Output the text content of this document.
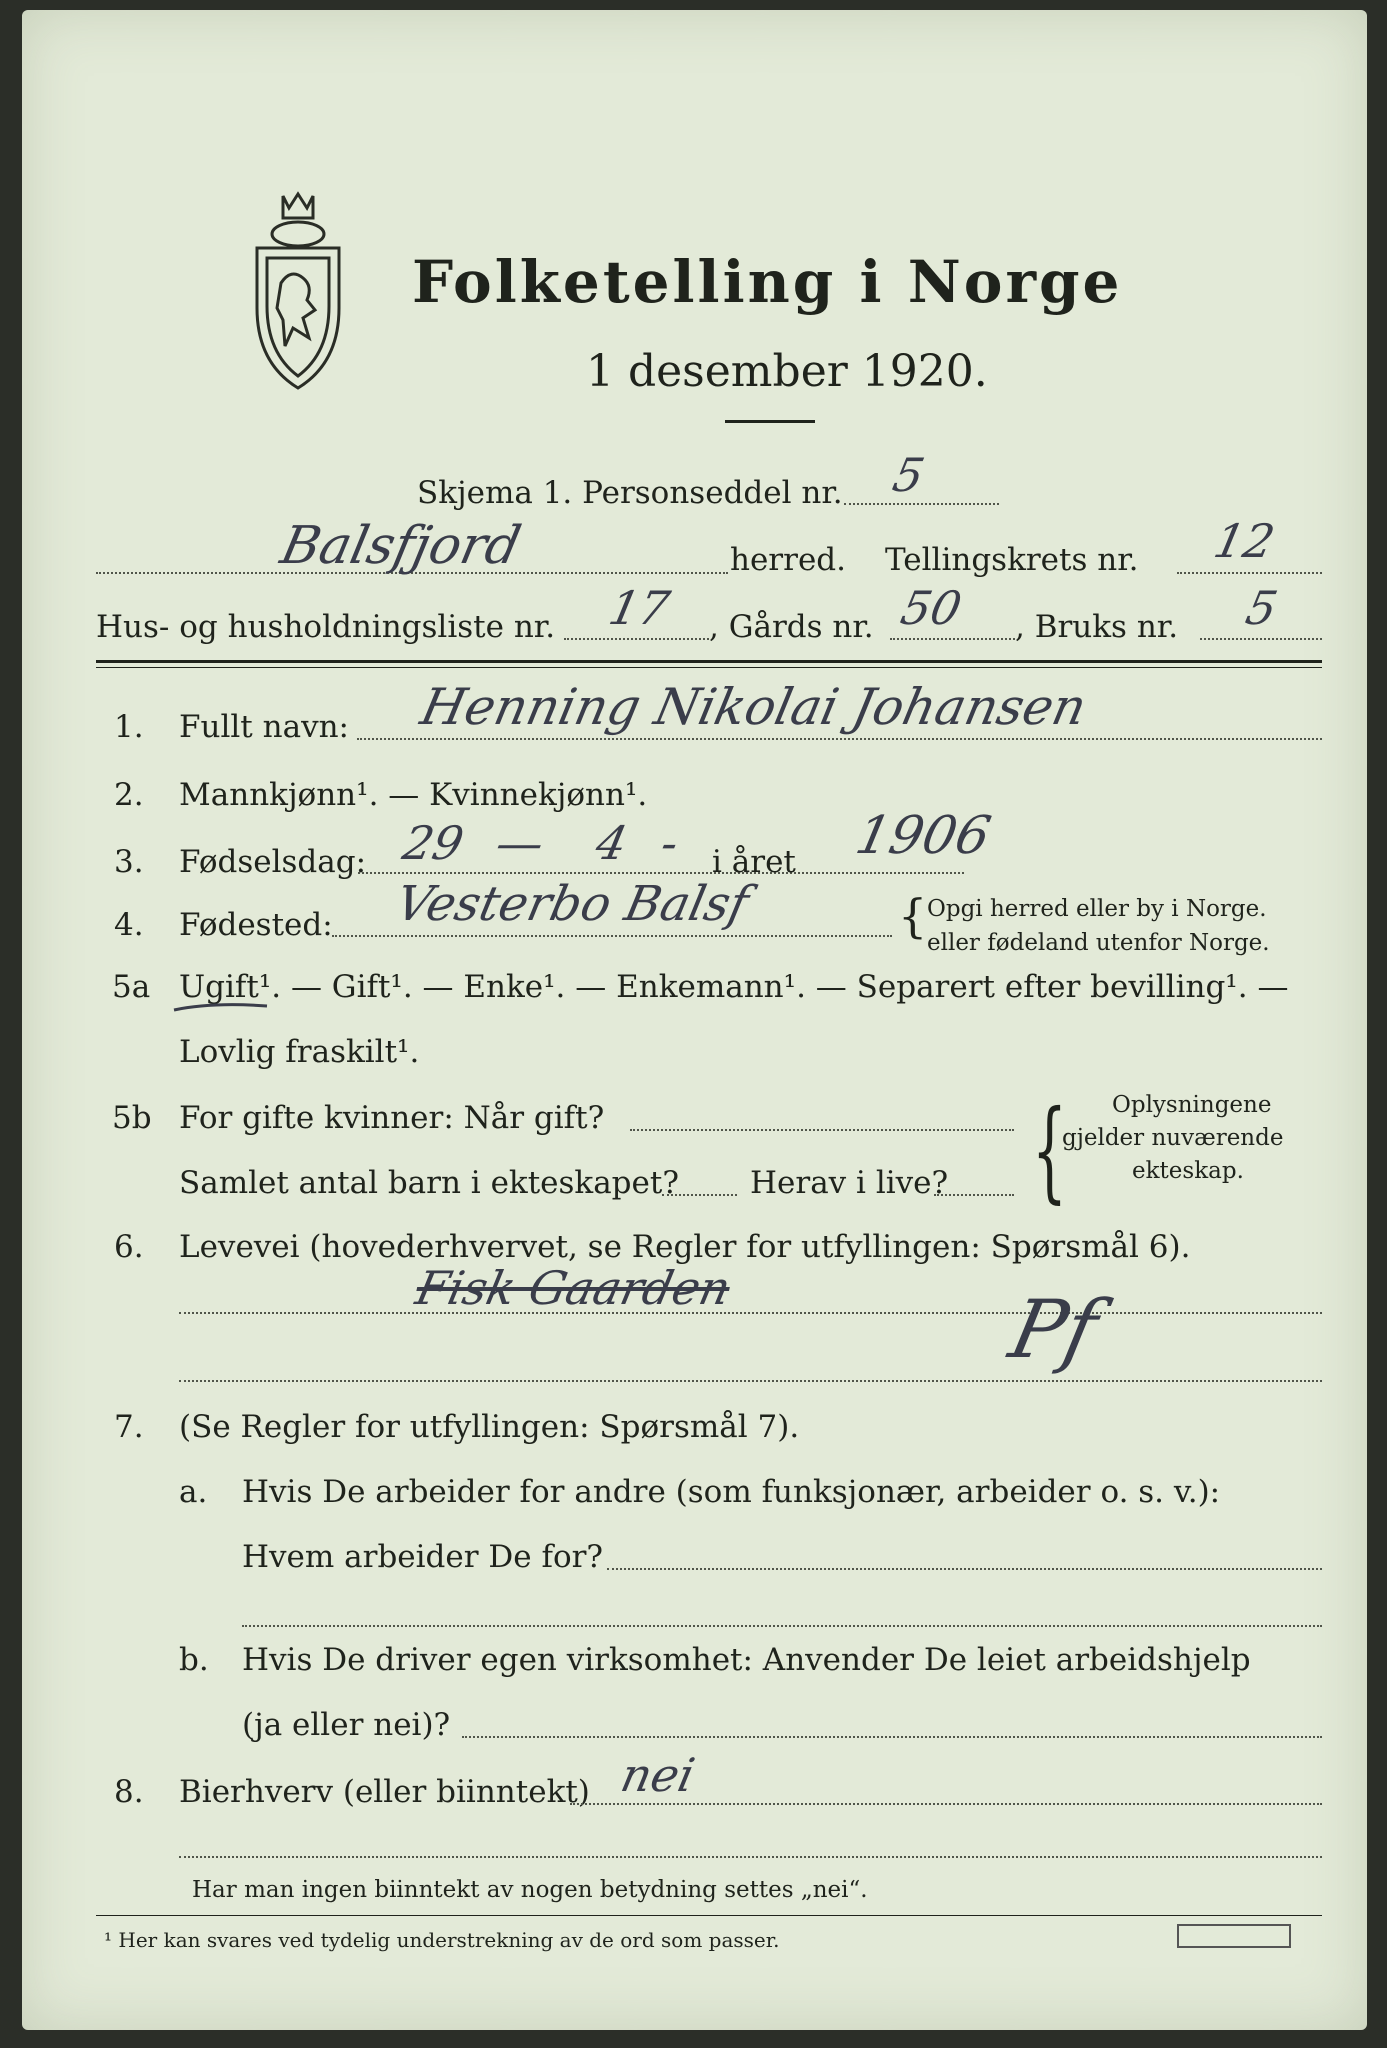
Folketelling i Norge
1 desember 1920.
Skjema 1. Personseddel nr. 5
Balsfjord	herred. Tellingskrets nr. 12
Hus- og husholdningsliste nr. 17 , Gårds nr. 50 , Bruks nr. 5
1. Fullt navn: Henning Nikolai Johansen
2. Mannkjønn¹. — Kvinnekjønn¹.
3. Fødselsdag: 29 — 4 - i året 1906
4. Fødested: Vesterbo Balsf	{ Opgi herred eller by i Norge.
eller fødeland utenfor Norge.
5a Ugift¹. — Gift¹. — Enke¹. — Enkemann¹. — Separert efter bevilling¹. —
Lovlig fraskilt¹.
5b For gifte kvinner: Når gift?
Samlet antal barn i ekteskapet? Herav i live? { Oplysningene
gjelder nuværende
ekteskap.
6. Levevei (hovederhvervet, se Regler for utfyllingen: Spørsmål 6).
Fisk Gaarden	Pf
7. (Se Regler for utfyllingen: Spørsmål 7).
a. Hvis De arbeider for andre (som funksjonær, arbeider o. s. v.):
Hvem arbeider De for?
b. Hvis De driver egen virksomhet: Anvender De leiet arbeidshjelp
(ja eller nei)?
8. Bierhverv (eller biinntekt) nei
Har man ingen biinntekt av nogen betydning settes „nei“.
¹ Her kan svares ved tydelig understrekning av de ord som passer.
